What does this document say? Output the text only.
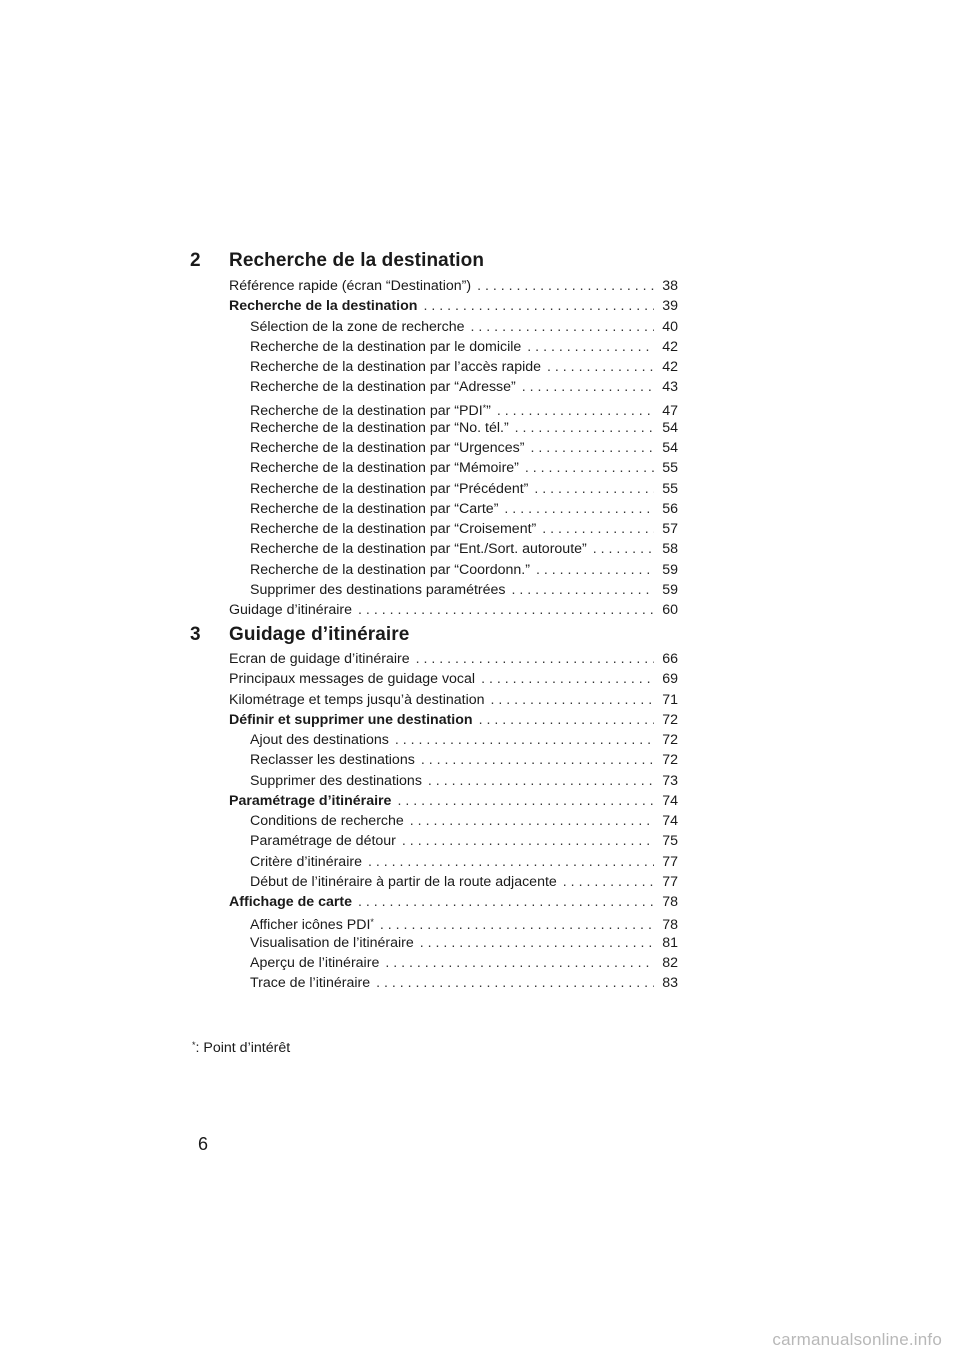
2 Recherche de la destination
Référence rapide (écran “Destination”) . . .	38
Recherche de la destination . . .	39
Sélection de la zone de recherche . . .	40
Recherche de la destination par le domicile . . .	42
Recherche de la destination par l’accès rapide . . .	42
Recherche de la destination par “Adresse” . . .	43
Recherche de la destination par “PDI*” . . .	47
Recherche de la destination par “No. tél.” . . .	54
Recherche de la destination par “Urgences” . . .	54
Recherche de la destination par “Mémoire” . . .	55
Recherche de la destination par “Précédent” . . .	55
Recherche de la destination par “Carte” . . .	56
Recherche de la destination par “Croisement” . . .	57
Recherche de la destination par “Ent./Sort. autoroute” . . .	58
Recherche de la destination par “Coordonn.” . . .	59
Supprimer des destinations paramétrées . . .	59
Guidage d’itinéraire . . .	60
3 Guidage d’itinéraire
Ecran de guidage d’itinéraire . . .	66
Principaux messages de guidage vocal . . .	69
Kilométrage et temps jusqu’à destination . . .	71
Définir et supprimer une destination . . .	72
Ajout des destinations . . .	72
Reclasser les destinations . . .	72
Supprimer des destinations . . .	73
Paramétrage d’itinéraire . . .	74
Conditions de recherche . . .	74
Paramétrage de détour . . .	75
Critère d’itinéraire . . .	77
Début de l’itinéraire à partir de la route adjacente . . .	77
Affichage de carte . . .	78
Afficher icônes PDI* . . .	78
Visualisation de l’itinéraire . . .	81
Aperçu de l’itinéraire . . .	82
Trace de l’itinéraire . . .	83
*: Point d’intérêt
6
carmanualsonline.info
